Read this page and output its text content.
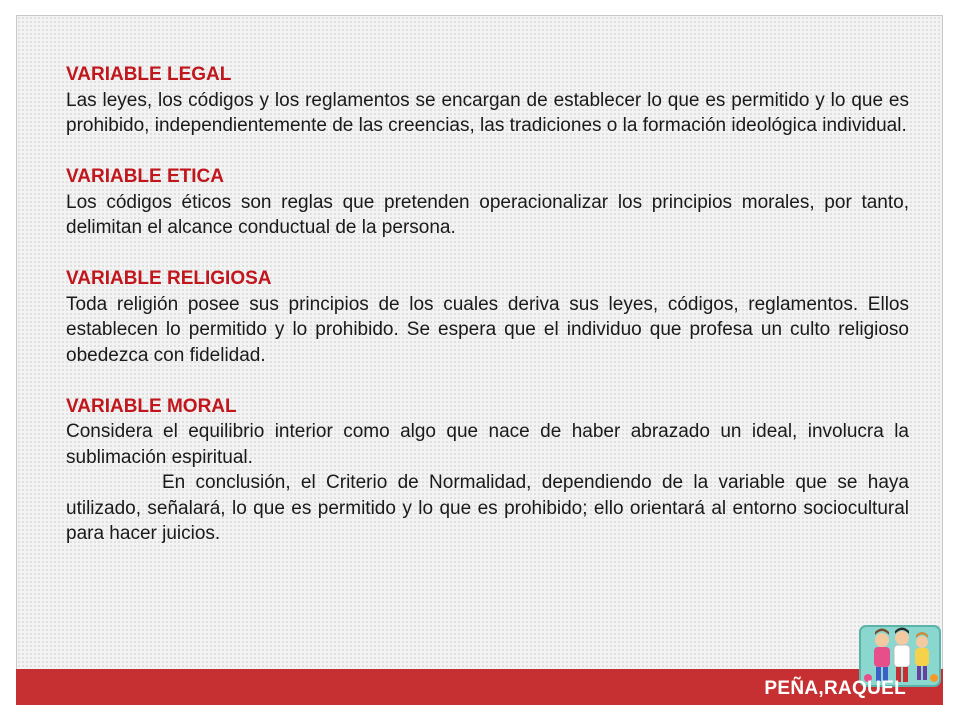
VARIABLE LEGAL

Las leyes, los códigos y los reglamentos se encargan de establecer lo que es permitido y lo que es prohibido, independientemente de las creencias, las tradiciones o la formación ideológica individual.

VARIABLE ETICA

Los códigos éticos son reglas que pretenden operacionalizar los principios morales, por tanto, delimitan el alcance conductual de la persona.

VARIABLE RELIGIOSA

Toda religión posee sus principios de los cuales deriva sus leyes, códigos, reglamentos. Ellos establecen lo permitido y lo prohibido. Se espera que el individuo que profesa un culto religioso obedezca con fidelidad.

VARIABLE MORAL

Considera el equilibrio interior como algo que nace de haber abrazado un ideal, involucra la sublimación espiritual.

En conclusión, el Criterio de Normalidad, dependiendo de la variable que se haya utilizado, señalará, lo que es permitido y lo que es prohibido; ello orientará al entorno sociocultural para hacer juicios.

PEÑA,RAQUEL
